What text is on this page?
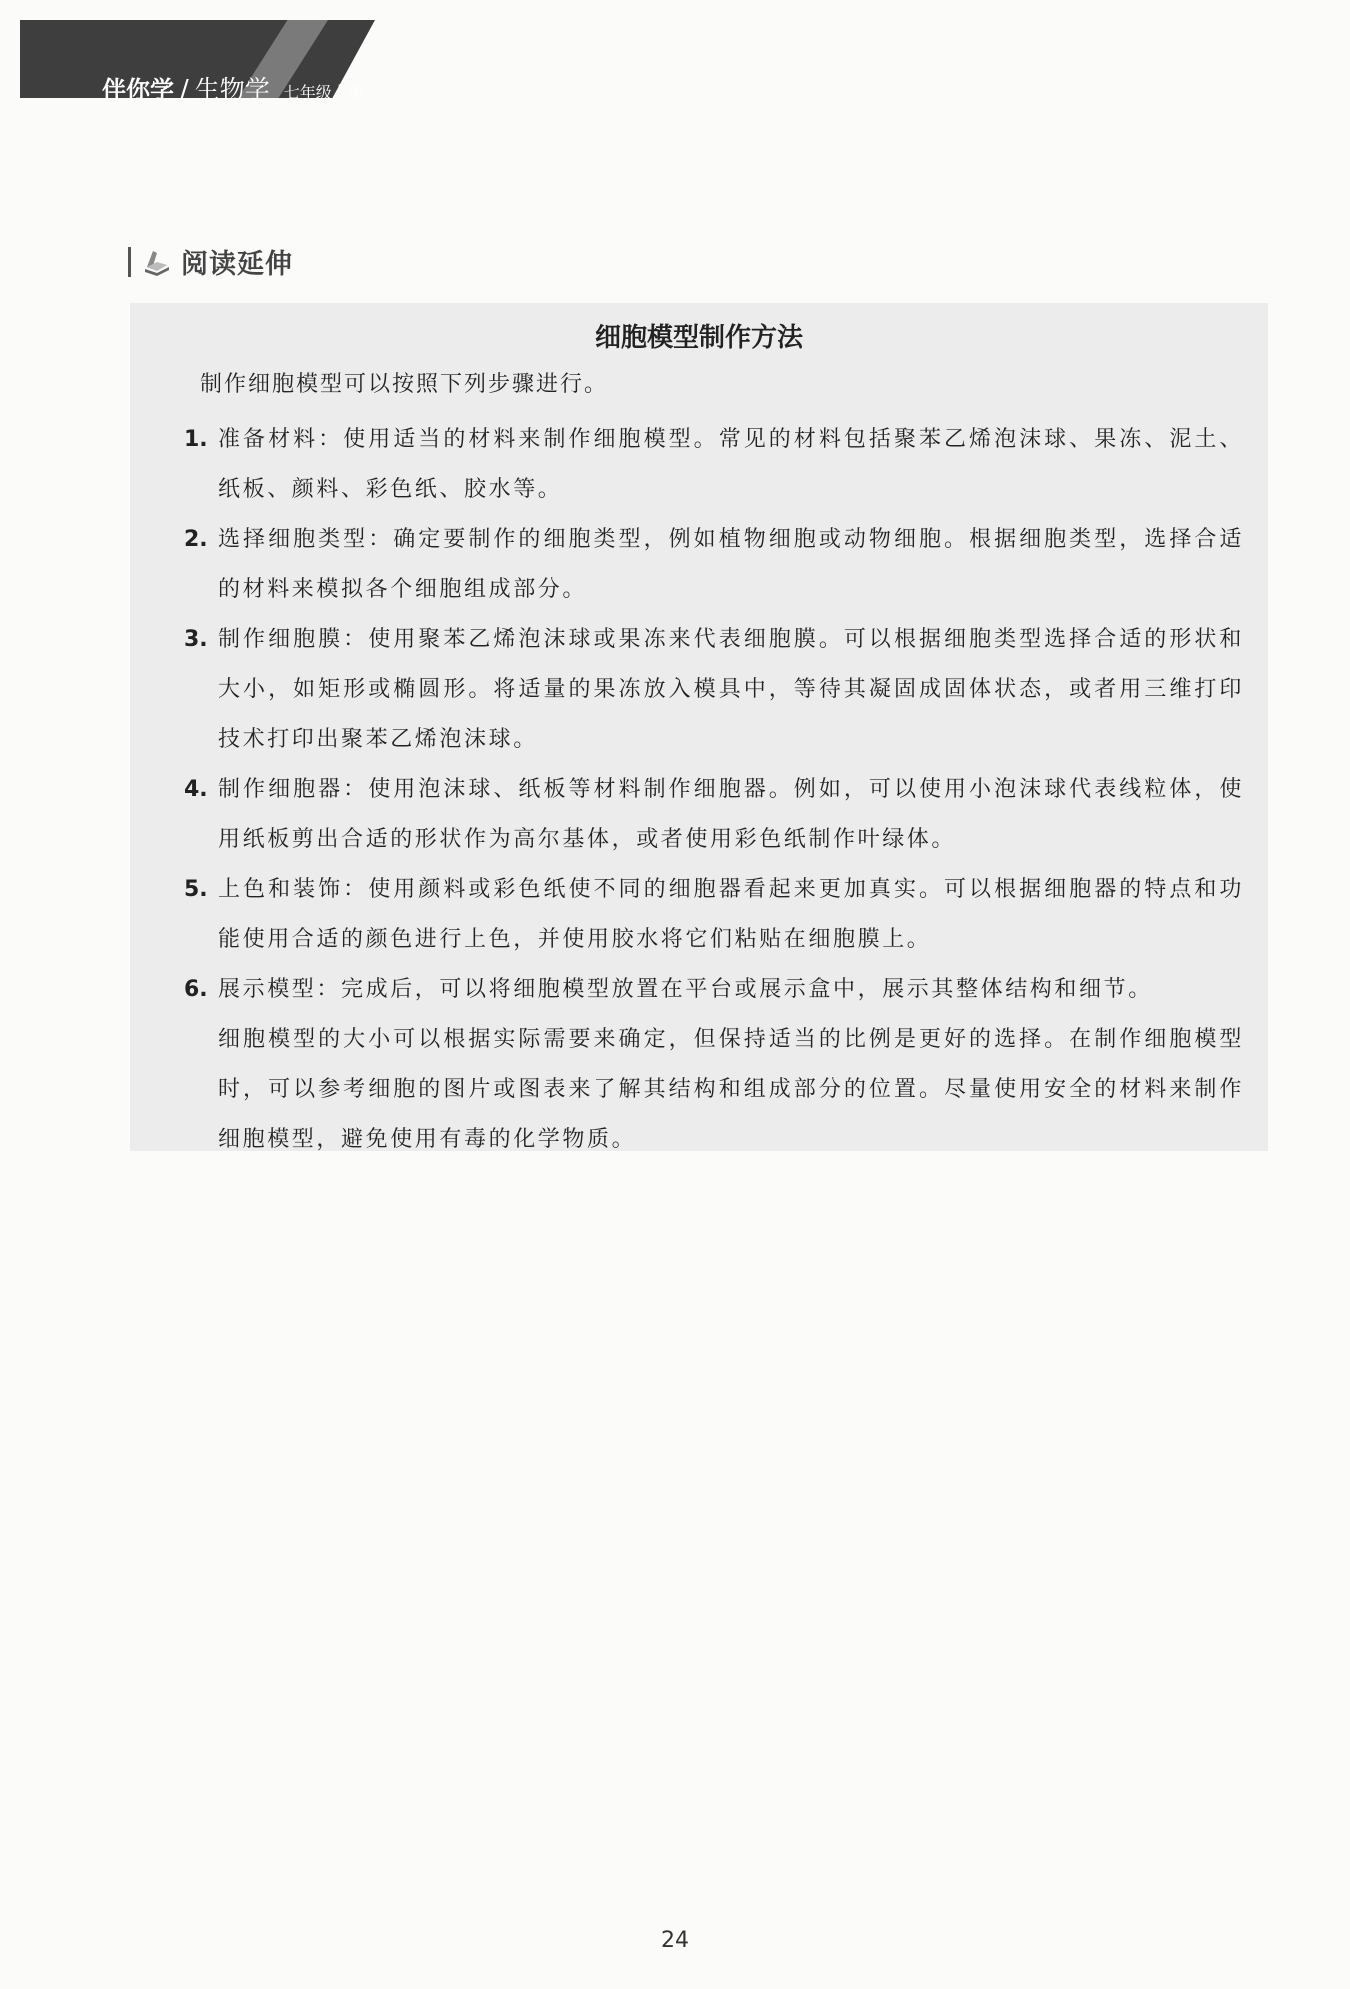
伴你学 / 生物学 七年级上册
阅读延伸
细胞模型制作方法
制作细胞模型可以按照下列步骤进行。
1. 准备材料：使用适当的材料来制作细胞模型。常见的材料包括聚苯乙烯泡沫球、果冻、泥土、纸板、颜料、彩色纸、胶水等。
2. 选择细胞类型：确定要制作的细胞类型，例如植物细胞或动物细胞。根据细胞类型，选择合适的材料来模拟各个细胞组成部分。
3. 制作细胞膜：使用聚苯乙烯泡沫球或果冻来代表细胞膜。可以根据细胞类型选择合适的形状和大小，如矩形或椭圆形。将适量的果冻放入模具中，等待其凝固成固体状态，或者用三维打印技术打印出聚苯乙烯泡沫球。
4. 制作细胞器：使用泡沫球、纸板等材料制作细胞器。例如，可以使用小泡沫球代表线粒体，使用纸板剪出合适的形状作为高尔基体，或者使用彩色纸制作叶绿体。
5. 上色和装饰：使用颜料或彩色纸使不同的细胞器看起来更加真实。可以根据细胞器的特点和功能使用合适的颜色进行上色，并使用胶水将它们粘贴在细胞膜上。
6. 展示模型：完成后，可以将细胞模型放置在平台或展示盒中，展示其整体结构和细节。
细胞模型的大小可以根据实际需要来确定，但保持适当的比例是更好的选择。在制作细胞模型时，可以参考细胞的图片或图表来了解其结构和组成部分的位置。尽量使用安全的材料来制作细胞模型，避免使用有毒的化学物质。
24
